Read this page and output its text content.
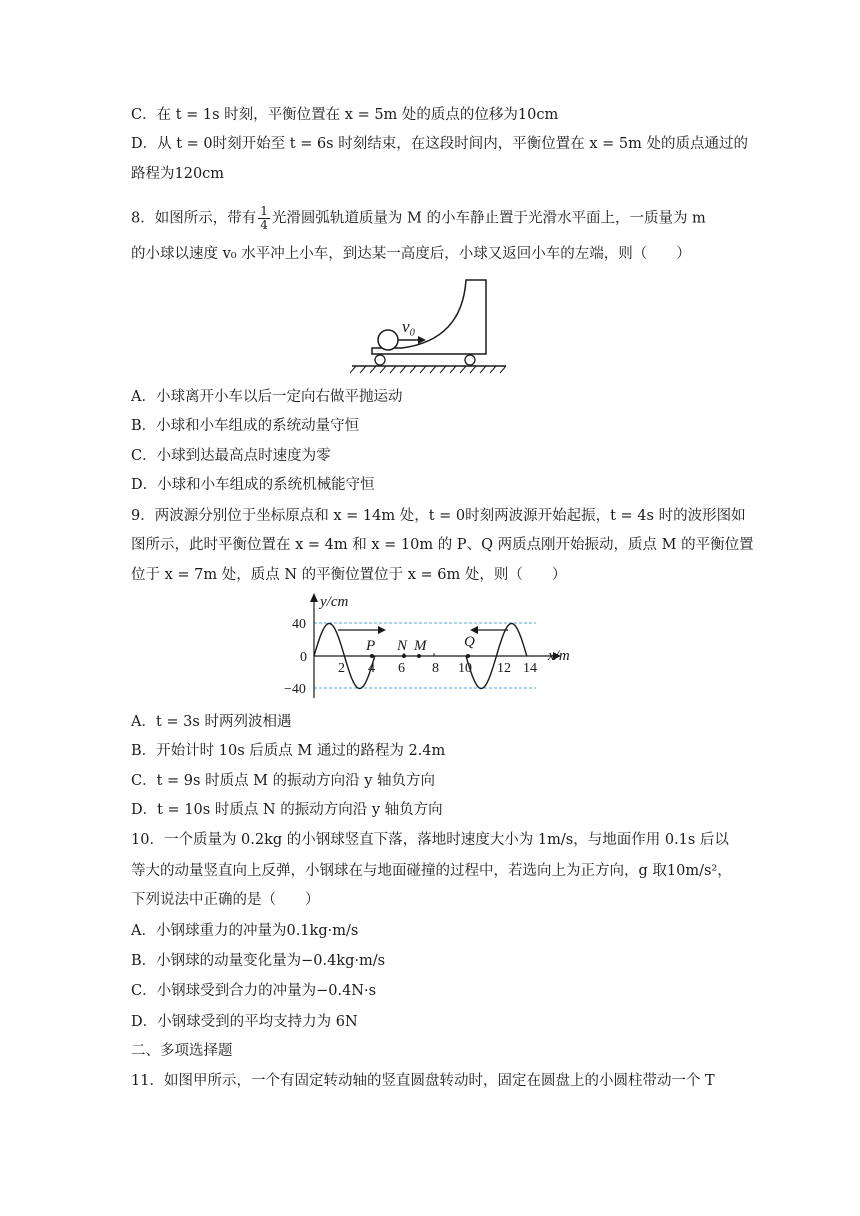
C．在 t = 1s 时刻，平衡位置在 x = 5m 处的质点的位移为10cm
D．从 t = 0时刻开始至 t = 6s 时刻结束，在这段时间内，平衡位置在 x = 5m 处的质点通过的
路程为120cm
8．如图所示，带有 $\frac{1}{4}$ 光滑圆弧轨道质量为 M 的小车静止置于光滑水平面上，一质量为 m
的小球以速度 v₀ 水平冲上小车，到达某一高度后，小球又返回小车的左端，则（　　）
v₀
A．小球离开小车以后一定向右做平抛运动
B．小球和小车组成的系统动量守恒
C．小球到达最高点时速度为零
D．小球和小车组成的系统机械能守恒
9．两波源分别位于坐标原点和 x = 14m 处，t = 0时刻两波源开始起振，t = 4s 时的波形图如
图所示，此时平衡位置在 x = 4m 和 x = 10m 的 P、Q 两质点刚开始振动，质点 M 的平衡位置
位于 x = 7m 处，质点 N 的平衡位置位于 x = 6m 处，则（　　）
y/cm
x/m
40
0
−40
2 4 6 8 10 12 14
P N M	Q
A．t = 3s 时两列波相遇
B．开始计时 10s 后质点 M 通过的路程为 2.4m
C．t = 9s 时质点 M 的振动方向沿 y 轴负方向
D．t = 10s 时质点 N 的振动方向沿 y 轴负方向
10．一个质量为 0.2kg 的小钢球竖直下落，落地时速度大小为 1m/s，与地面作用 0.1s 后以
等大的动量竖直向上反弹，小钢球在与地面碰撞的过程中，若选向上为正方向，g 取10m/s²，
下列说法中正确的是（　　）
A．小钢球重力的冲量为0.1kg·m/s
B．小钢球的动量变化量为−0.4kg·m/s
C．小钢球受到合力的冲量为−0.4N·s
D．小钢球受到的平均支持力为 6N
二、多项选择题
11．如图甲所示，一个有固定转动轴的竖直圆盘转动时，固定在圆盘上的小圆柱带动一个 T
